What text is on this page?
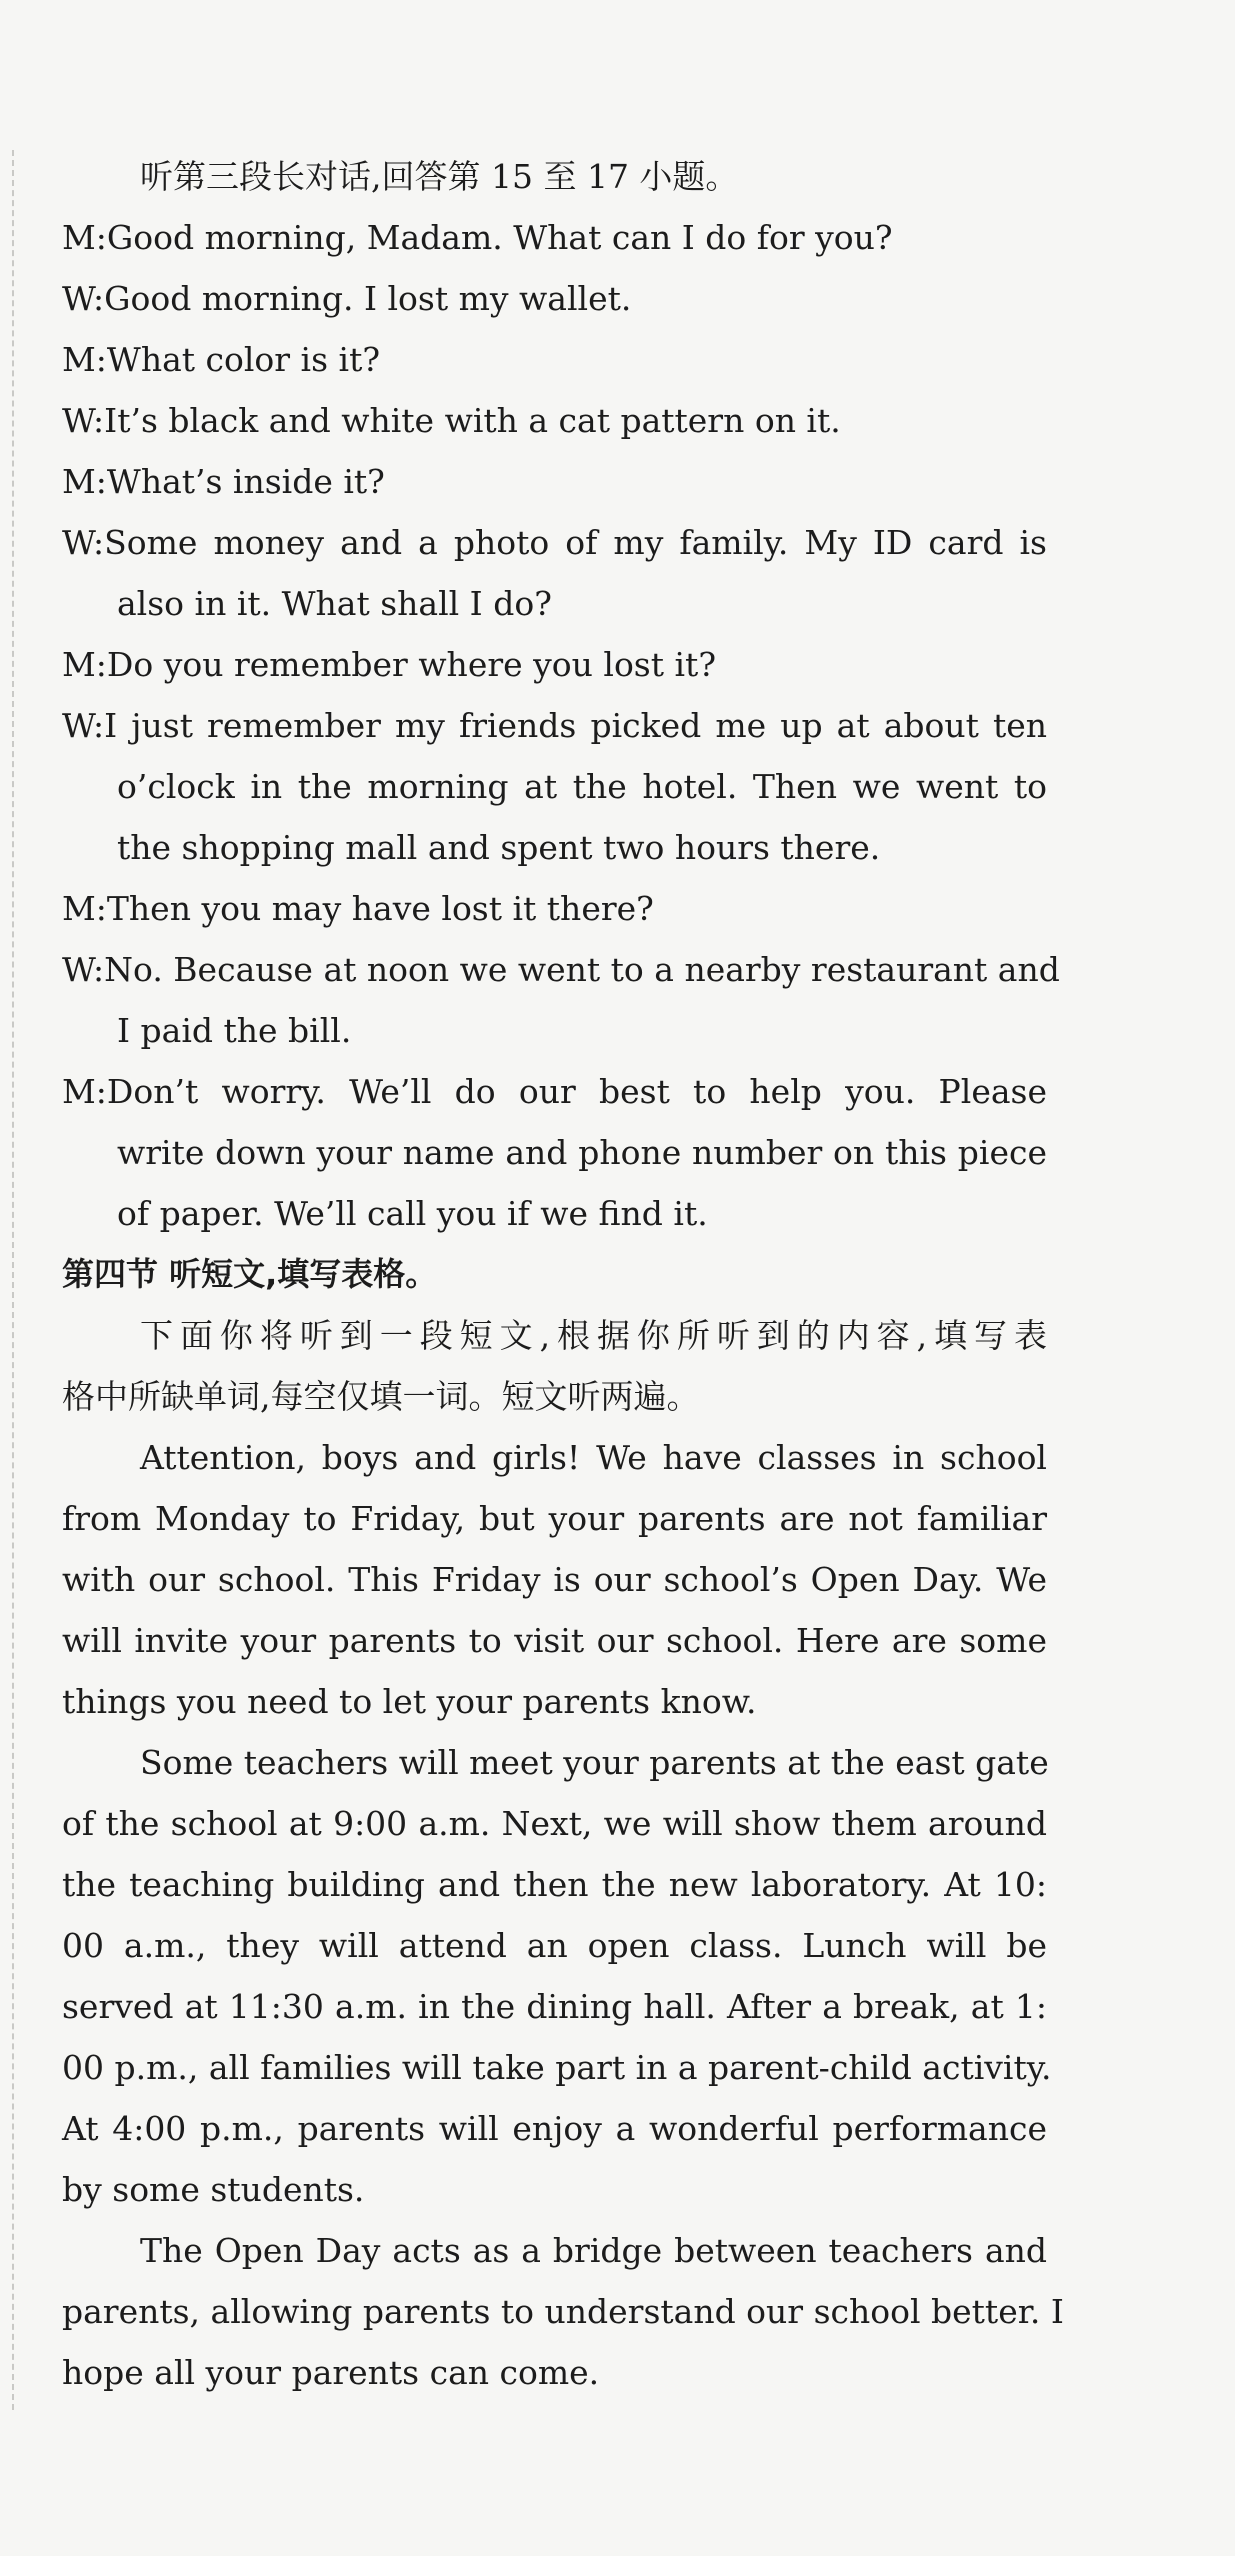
听第三段长对话,回答第 15 至 17 小题。
M:Good morning, Madam. What can I do for you?
W:Good morning. I lost my wallet.
M:What color is it?
W:It’s black and white with a cat pattern on it.
M:What’s inside it?
W:Some money and a photo of my family. My ID card is
also in it. What shall I do?
M:Do you remember where you lost it?
W:I just remember my friends picked me up at about ten
o’clock in the morning at the hotel. Then we went to
the shopping mall and spent two hours there.
M:Then you may have lost it there?
W:No. Because at noon we went to a nearby restaurant and
I paid the bill.
M:Don’t worry. We’ll do our best to help you. Please
write down your name and phone number on this piece
of paper. We’ll call you if we find it.
第四节 听短文,填写表格。
下面你将听到一段短文,根据你所听到的内容,填写表
格中所缺单词,每空仅填一词。短文听两遍。
Attention, boys and girls! We have classes in school
from Monday to Friday, but your parents are not familiar
with our school. This Friday is our school’s Open Day. We
will invite your parents to visit our school. Here are some
things you need to let your parents know.
Some teachers will meet your parents at the east gate
of the school at 9:00 a.m. Next, we will show them around
the teaching building and then the new laboratory. At 10:
00 a.m., they will attend an open class. Lunch will be
served at 11:30 a.m. in the dining hall. After a break, at 1:
00 p.m., all families will take part in a parent-child activity.
At 4:00 p.m., parents will enjoy a wonderful performance
by some students.
The Open Day acts as a bridge between teachers and
parents, allowing parents to understand our school better. I
hope all your parents can come.
